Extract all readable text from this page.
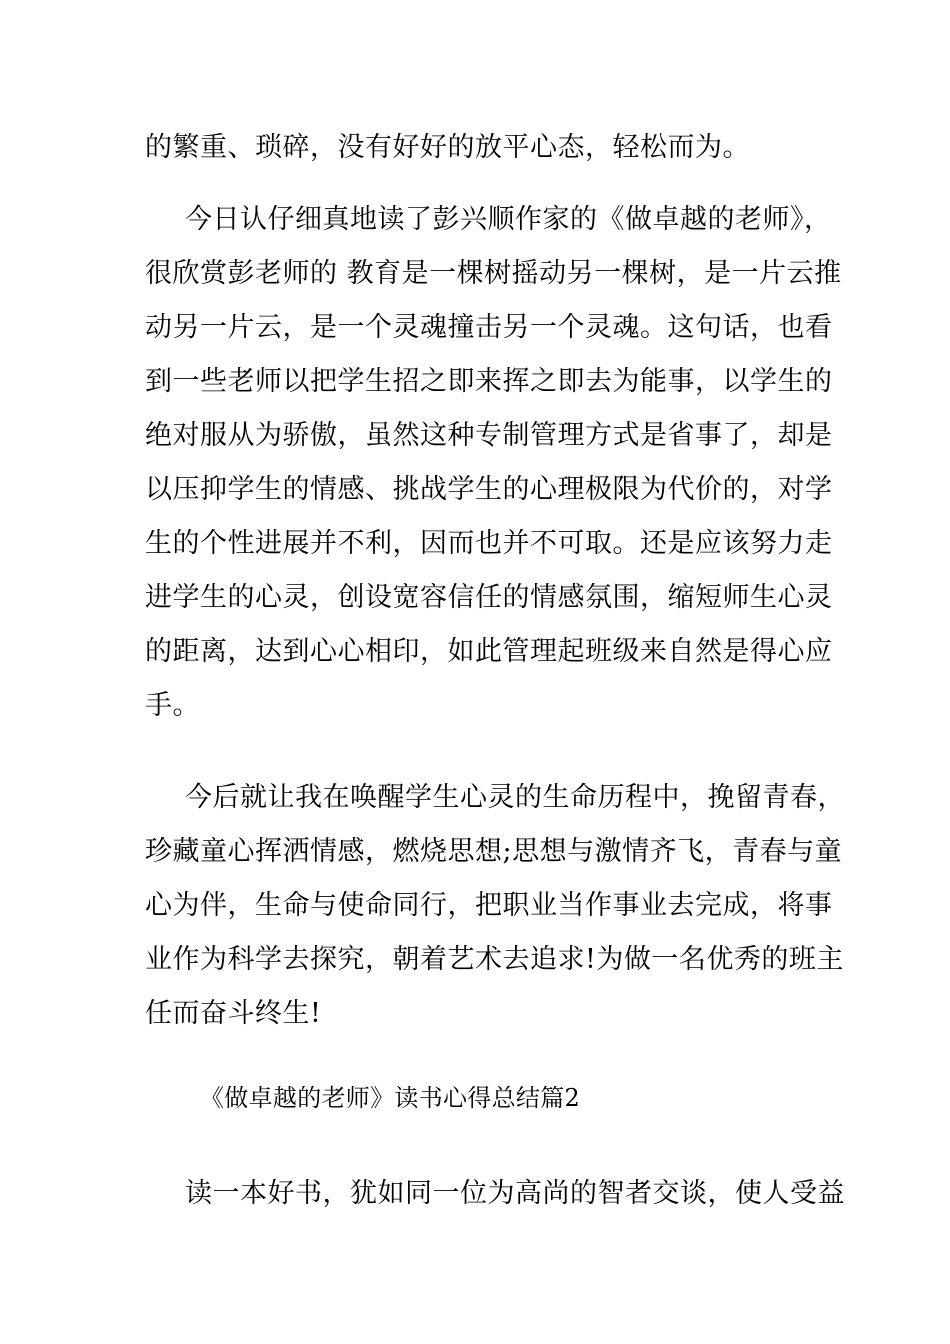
的繁重、琐碎，没有好好的放平心态，轻松而为。
今日认仔细真地读了彭兴顺作家的《做卓越的老师》，
很欣赏彭老师的 教育是一棵树摇动另一棵树，是一片云推
动另一片云，是一个灵魂撞击另一个灵魂。这句话，也看
到一些老师以把学生招之即来挥之即去为能事，以学生的
绝对服从为骄傲，虽然这种专制管理方式是省事了，却是
以压抑学生的情感、挑战学生的心理极限为代价的，对学
生的个性进展并不利，因而也并不可取。还是应该努力走
进学生的心灵，创设宽容信任的情感氛围，缩短师生心灵
的距离，达到心心相印，如此管理起班级来自然是得心应
手。
今后就让我在唤醒学生心灵的生命历程中，挽留青春，
珍藏童心挥洒情感，燃烧思想;思想与激情齐飞，青春与童
心为伴，生命与使命同行，把职业当作事业去完成，将事
业作为科学去探究，朝着艺术去追求!为做一名优秀的班主
任而奋斗终生!
《做卓越的老师》读书心得总结篇2
读一本好书，犹如同一位为高尚的智者交谈，使人受益
